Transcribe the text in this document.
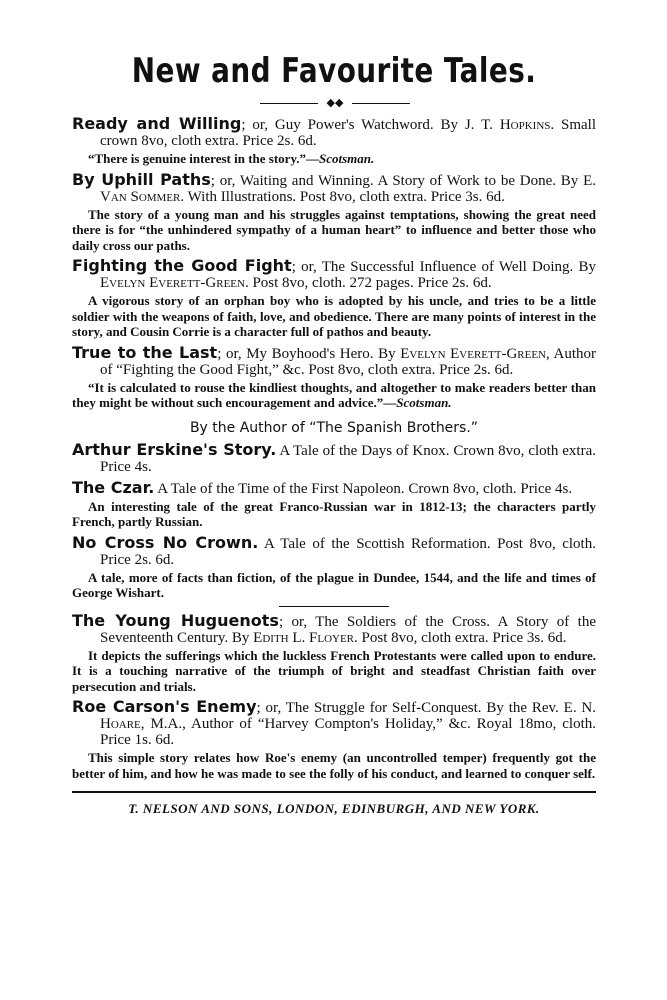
New and Favourite Tales.
◆◆
Ready and Willing; or, Guy Power's Watchword. By J. T. Hopkins. Small crown 8vo, cloth extra. Price 2s. 6d.
“There is genuine interest in the story.”—Scotsman.
By Uphill Paths; or, Waiting and Winning. A Story of Work to be Done. By E. Van Sommer. With Illustrations. Post 8vo, cloth extra. Price 3s. 6d.
The story of a young man and his struggles against temptations, showing the great need there is for “the unhindered sympathy of a human heart” to influence and better those who daily cross our paths.
Fighting the Good Fight; or, The Successful Influence of Well Doing. By Evelyn Everett-Green. Post 8vo, cloth. 272 pages. Price 2s. 6d.
A vigorous story of an orphan boy who is adopted by his uncle, and tries to be a little soldier with the weapons of faith, love, and obedience. There are many points of interest in the story, and Cousin Corrie is a character full of pathos and beauty.
True to the Last; or, My Boyhood's Hero. By Evelyn Everett-Green, Author of “Fighting the Good Fight,” &c. Post 8vo, cloth extra. Price 2s. 6d.
“It is calculated to rouse the kindliest thoughts, and altogether to make readers better than they might be without such encouragement and advice.”—Scotsman.
By the Author of “The Spanish Brothers.”
Arthur Erskine's Story. A Tale of the Days of Knox. Crown 8vo, cloth extra. Price 4s.
The Czar. A Tale of the Time of the First Napoleon. Crown 8vo, cloth. Price 4s.
An interesting tale of the great Franco-Russian war in 1812-13; the characters partly French, partly Russian.
No Cross No Crown. A Tale of the Scottish Reformation. Post 8vo, cloth. Price 2s. 6d.
A tale, more of facts than fiction, of the plague in Dundee, 1544, and the life and times of George Wishart.
The Young Huguenots; or, The Soldiers of the Cross. A Story of the Seventeenth Century. By Edith L. Floyer. Post 8vo, cloth extra. Price 3s. 6d.
It depicts the sufferings which the luckless French Protestants were called upon to endure. It is a touching narrative of the triumph of bright and steadfast Christian faith over persecution and trials.
Roe Carson's Enemy; or, The Struggle for Self-Conquest. By the Rev. E. N. Hoare, M.A., Author of “Harvey Compton's Holiday,” &c. Royal 18mo, cloth. Price 1s. 6d.
This simple story relates how Roe's enemy (an uncontrolled temper) frequently got the better of him, and how he was made to see the folly of his conduct, and learned to conquer self.
T. NELSON AND SONS, LONDON, EDINBURGH, AND NEW YORK.
